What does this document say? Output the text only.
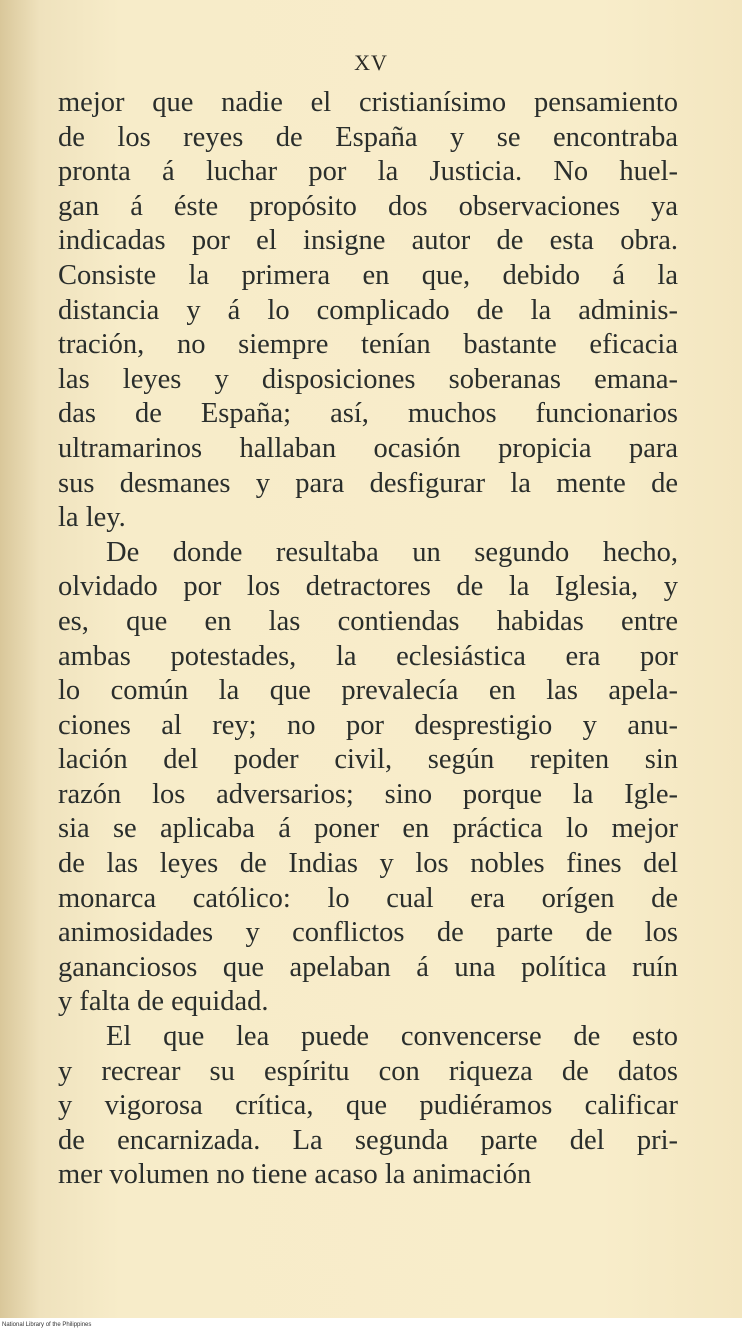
XV
mejor que nadie el cristianísimo pensamiento
de los reyes de España y se encontraba
pronta á luchar por la Justicia. No huel-
gan á éste propósito dos observaciones ya
indicadas por el insigne autor de esta obra.
Consiste la primera en que, debido á la
distancia y á lo complicado de la adminis-
tración, no siempre tenían bastante eficacia
las leyes y disposiciones soberanas emana-
das de España; así, muchos funcionarios
ultramarinos hallaban ocasión propicia para
sus desmanes y para desfigurar la mente de
la ley.
De donde resultaba un segundo hecho,
olvidado por los detractores de la Iglesia, y
es, que en las contiendas habidas entre
ambas potestades, la eclesiástica era por
lo común la que prevalecía en las apela-
ciones al rey; no por desprestigio y anu-
lación del poder civil, según repiten sin
razón los adversarios; sino porque la Igle-
sia se aplicaba á poner en práctica lo mejor
de las leyes de Indias y los nobles fines del
monarca católico: lo cual era orígen de
animosidades y conflictos de parte de los
gananciosos que apelaban á una política ruín
y falta de equidad.
El que lea puede convencerse de esto
y recrear su espíritu con riqueza de datos
y vigorosa crítica, que pudiéramos calificar
de encarnizada. La segunda parte del pri-
mer volumen no tiene acaso la animación
National Library of the Philippines
